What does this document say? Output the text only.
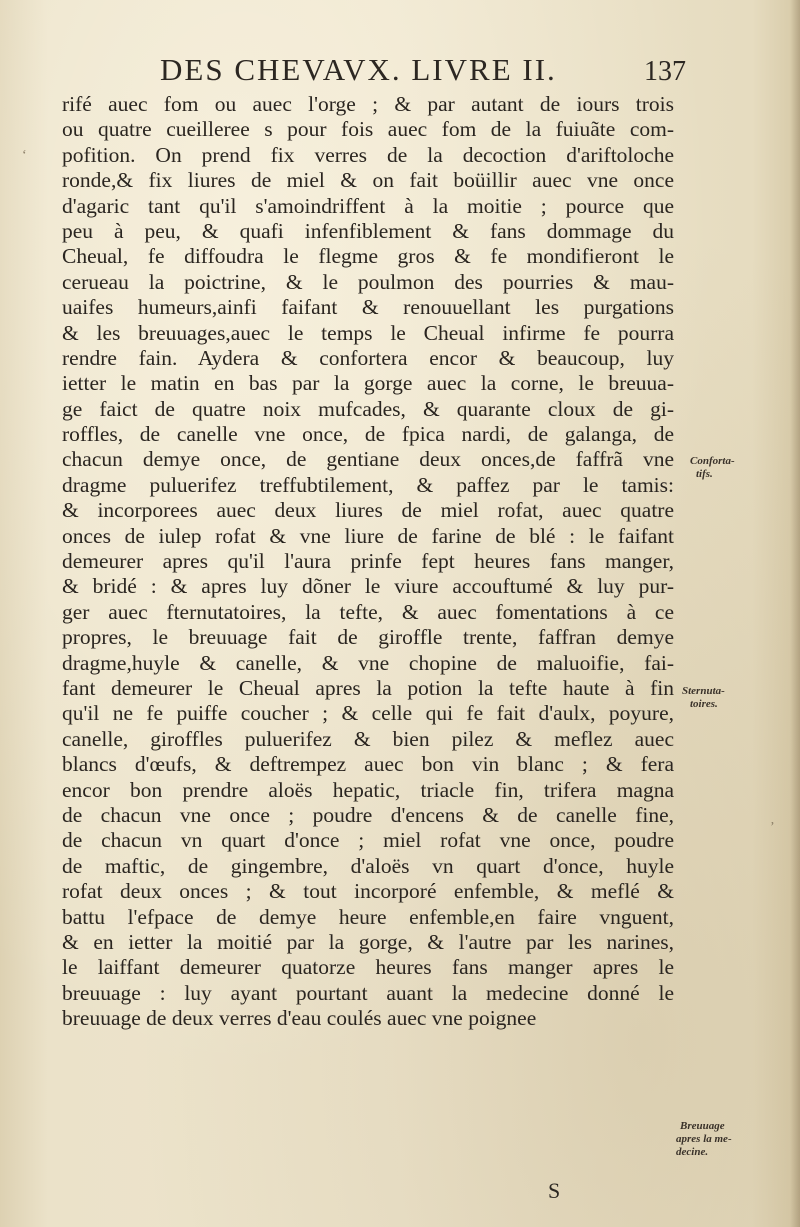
DES CHEVAVX. LIVRE II.	137
rifé auec fom ou auec l'orge ; & par autant de iours trois
ou quatre cueilleree s pour fois auec fom de la fuiuãte com-
pofition. On prend fix verres de la decoction d'ariftoloche
ronde,& fix liures de miel & on fait boüillir auec vne once
d'agaric tant qu'il s'amoindriffent à la moitie ; pource que
peu à peu, & quafi infenfiblement & fans dommage du
Cheual, fe diffoudra le flegme gros & fe mondifieront le
cerueau la poictrine, & le poulmon des pourries & mau-
uaifes humeurs,ainfi faifant & renouuellant les purgations
& les breuuages,auec le temps le Cheual infirme fe pourra
rendre fain. Aydera & confortera encor & beaucoup, luy
ietter le matin en bas par la gorge auec la corne, le breuua-
ge faict de quatre noix mufcades, & quarante cloux de gi-
roffles, de canelle vne once, de fpica nardi, de galanga, de
chacun demye once, de gentiane deux onces,de faffrã vne
dragme puluerifez treffubtilement, & paffez par le tamis:
& incorporees auec deux liures de miel rofat, auec quatre
onces de iulep rofat & vne liure de farine de blé : le faifant
demeurer apres qu'il l'aura prinfe fept heures fans manger,
& bridé : & apres luy dõner le viure accouftumé & luy pur-
ger auec fternutatoires, la tefte, & auec fomentations à ce
propres, le breuuage fait de giroffle trente, faffran demye
dragme,huyle & canelle, & vne chopine de maluoifie, fai-
fant demeurer le Cheual apres la potion la tefte haute à fin
qu'il ne fe puiffe coucher ; & celle qui fe fait d'aulx, poyure,
canelle, giroffles puluerifez & bien pilez & meflez auec
blancs d'œufs, & deftrempez auec bon vin blanc ; & fera
encor bon prendre aloës hepatic, triacle fin, trifera magna
de chacun vne once ; poudre d'encens & de canelle fine,
de chacun vn quart d'once ; miel rofat vne once, poudre
de maftic, de gingembre, d'aloës vn quart d'once, huyle
rofat deux onces ; & tout incorporé enfemble, & meflé &
battu l'efpace de demye heure enfemble,en faire vnguent,
& en ietter la moitié par la gorge, & l'autre par les narines,
le laiffant demeurer quatorze heures fans manger apres le
breuuage : luy ayant pourtant auant la medecine donné le
breuuage de deux verres d'eau coulés auec vne poignee
Conforta-
tifs.
Sternuta-
toires.
Breuuage
apres la me-
decine.
S
‘
’
